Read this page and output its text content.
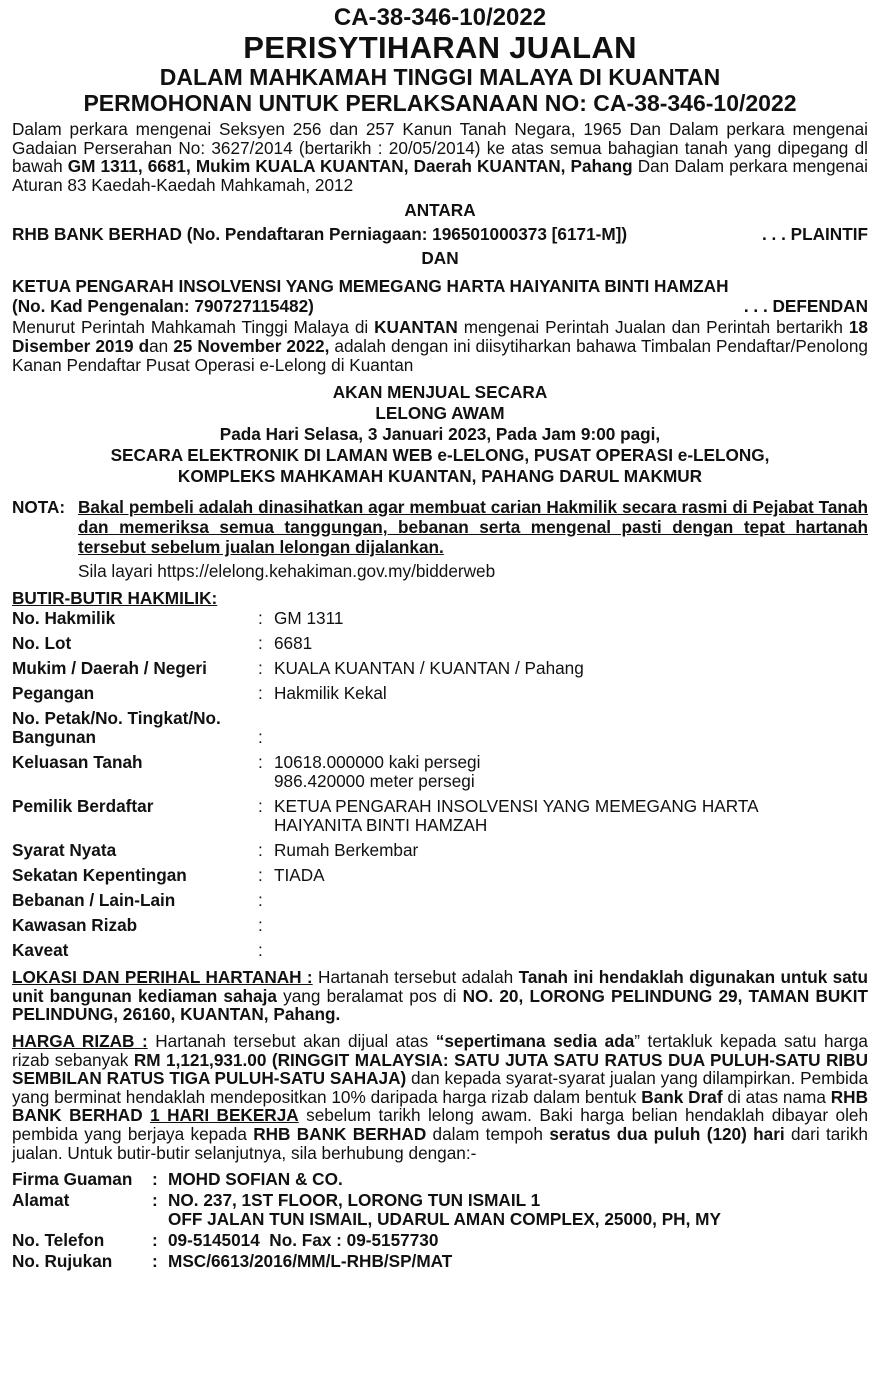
CA-38-346-10/2022
PERISYTIHARAN JUALAN
DALAM MAHKAMAH TINGGI MALAYA DI KUANTAN
PERMOHONAN UNTUK PERLAKSANAAN NO: CA-38-346-10/2022

Dalam perkara mengenai Seksyen 256 dan 257 Kanun Tanah Negara, 1965 Dan Dalam perkara mengenai Gadaian Perserahan No: 3627/2014 (bertarikh : 20/05/2014) ke atas semua bahagian tanah yang dipegang dl bawah GM 1311, 6681, Mukim KUALA KUANTAN, Daerah KUANTAN, Pahang Dan Dalam perkara mengenai Aturan 83 Kaedah-Kaedah Mahkamah, 2012

ANTARA
RHB BANK BERHAD (No. Pendaftaran Perniagaan: 196501000373 [6171-M])	. . . PLAINTIF
DAN
KETUA PENGARAH INSOLVENSI YANG MEMEGANG HARTA HAIYANITA BINTI HAMZAH
(No. Kad Pengenalan: 790727115482)	. . . DEFENDAN

Menurut Perintah Mahkamah Tinggi Malaya di KUANTAN mengenai Perintah Jualan dan Perintah bertarikh 18 Disember 2019 dan 25 November 2022, adalah dengan ini diisytiharkan bahawa Timbalan Pendaftar/Penolong Kanan Pendaftar Pusat Operasi e-Lelong di Kuantan

AKAN MENJUAL SECARA
LELONG AWAM
Pada Hari Selasa, 3 Januari 2023, Pada Jam 9:00 pagi,
SECARA ELEKTRONIK DI LAMAN WEB e-LELONG, PUSAT OPERASI e-LELONG,
KOMPLEKS MAHKAMAH KUANTAN, PAHANG DARUL MAKMUR
NOTA: Bakal pembeli adalah dinasihatkan agar membuat carian Hakmilik secara rasmi di Pejabat Tanah dan memeriksa semua tanggungan, bebanan serta mengenal pasti dengan tepat hartanah tersebut sebelum jualan lelongan dijalankan.
Sila layari https://elelong.kehakiman.gov.my/bidderweb
BUTIR-BUTIR HAKMILIK:
No. Hakmilik	:	GM 1311

No. Lot	:	6681

Mukim / Daerah / Negeri	:	KUALA KUANTAN / KUANTAN / Pahang

Pegangan	:	Hakmilik Kekal

No. Petak/No. Tingkat/No.
Bangunan	:	

Keluasan Tanah	:	10618.000000 kaki persegi
986.420000 meter persegi

Pemilik Berdaftar	:	KETUA PENGARAH INSOLVENSI YANG MEMEGANG HARTA
HAIYANITA BINTI HAMZAH

Syarat Nyata	:	Rumah Berkembar

Sekatan Kepentingan	:	TIADA

Bebanan / Lain-Lain	:	

Kawasan Rizab	:	

Kaveat	:	

LOKASI DAN PERIHAL HARTANAH : Hartanah tersebut adalah Tanah ini hendaklah digunakan untuk satu unit bangunan kediaman sahaja yang beralamat pos di NO. 20, LORONG PELINDUNG 29, TAMAN BUKIT PELINDUNG, 26160, KUANTAN, Pahang.

HARGA RIZAB : Hartanah tersebut akan dijual atas “sepertimana sedia ada” tertakluk kepada satu harga rizab sebanyak RM 1,121,931.00 (RINGGIT MALAYSIA: SATU JUTA SATU RATUS DUA PULUH-SATU RIBU SEMBILAN RATUS TIGA PULUH-SATU SAHAJA) dan kepada syarat-syarat jualan yang dilampirkan. Pembida yang berminat hendaklah mendepositkan 10% daripada harga rizab dalam bentuk Bank Draf di atas nama RHB BANK BERHAD 1 HARI BEKERJA sebelum tarikh lelong awam. Baki harga belian hendaklah dibayar oleh pembida yang berjaya kepada RHB BANK BERHAD dalam tempoh seratus dua puluh (120) hari dari tarikh jualan. Untuk butir-butir selanjutnya, sila berhubung dengan:-

Firma Guaman	:	MOHD SOFIAN & CO.
Alamat	:	NO. 237, 1ST FLOOR, LORONG TUN ISMAIL 1
OFF JALAN TUN ISMAIL, UDARUL AMAN COMPLEX, 25000, PH, MY

No. Telefon	:	09-5145014  No. Fax : 09-5157730
No. Rujukan	:	MSC/6613/2016/MM/L-RHB/SP/MAT
